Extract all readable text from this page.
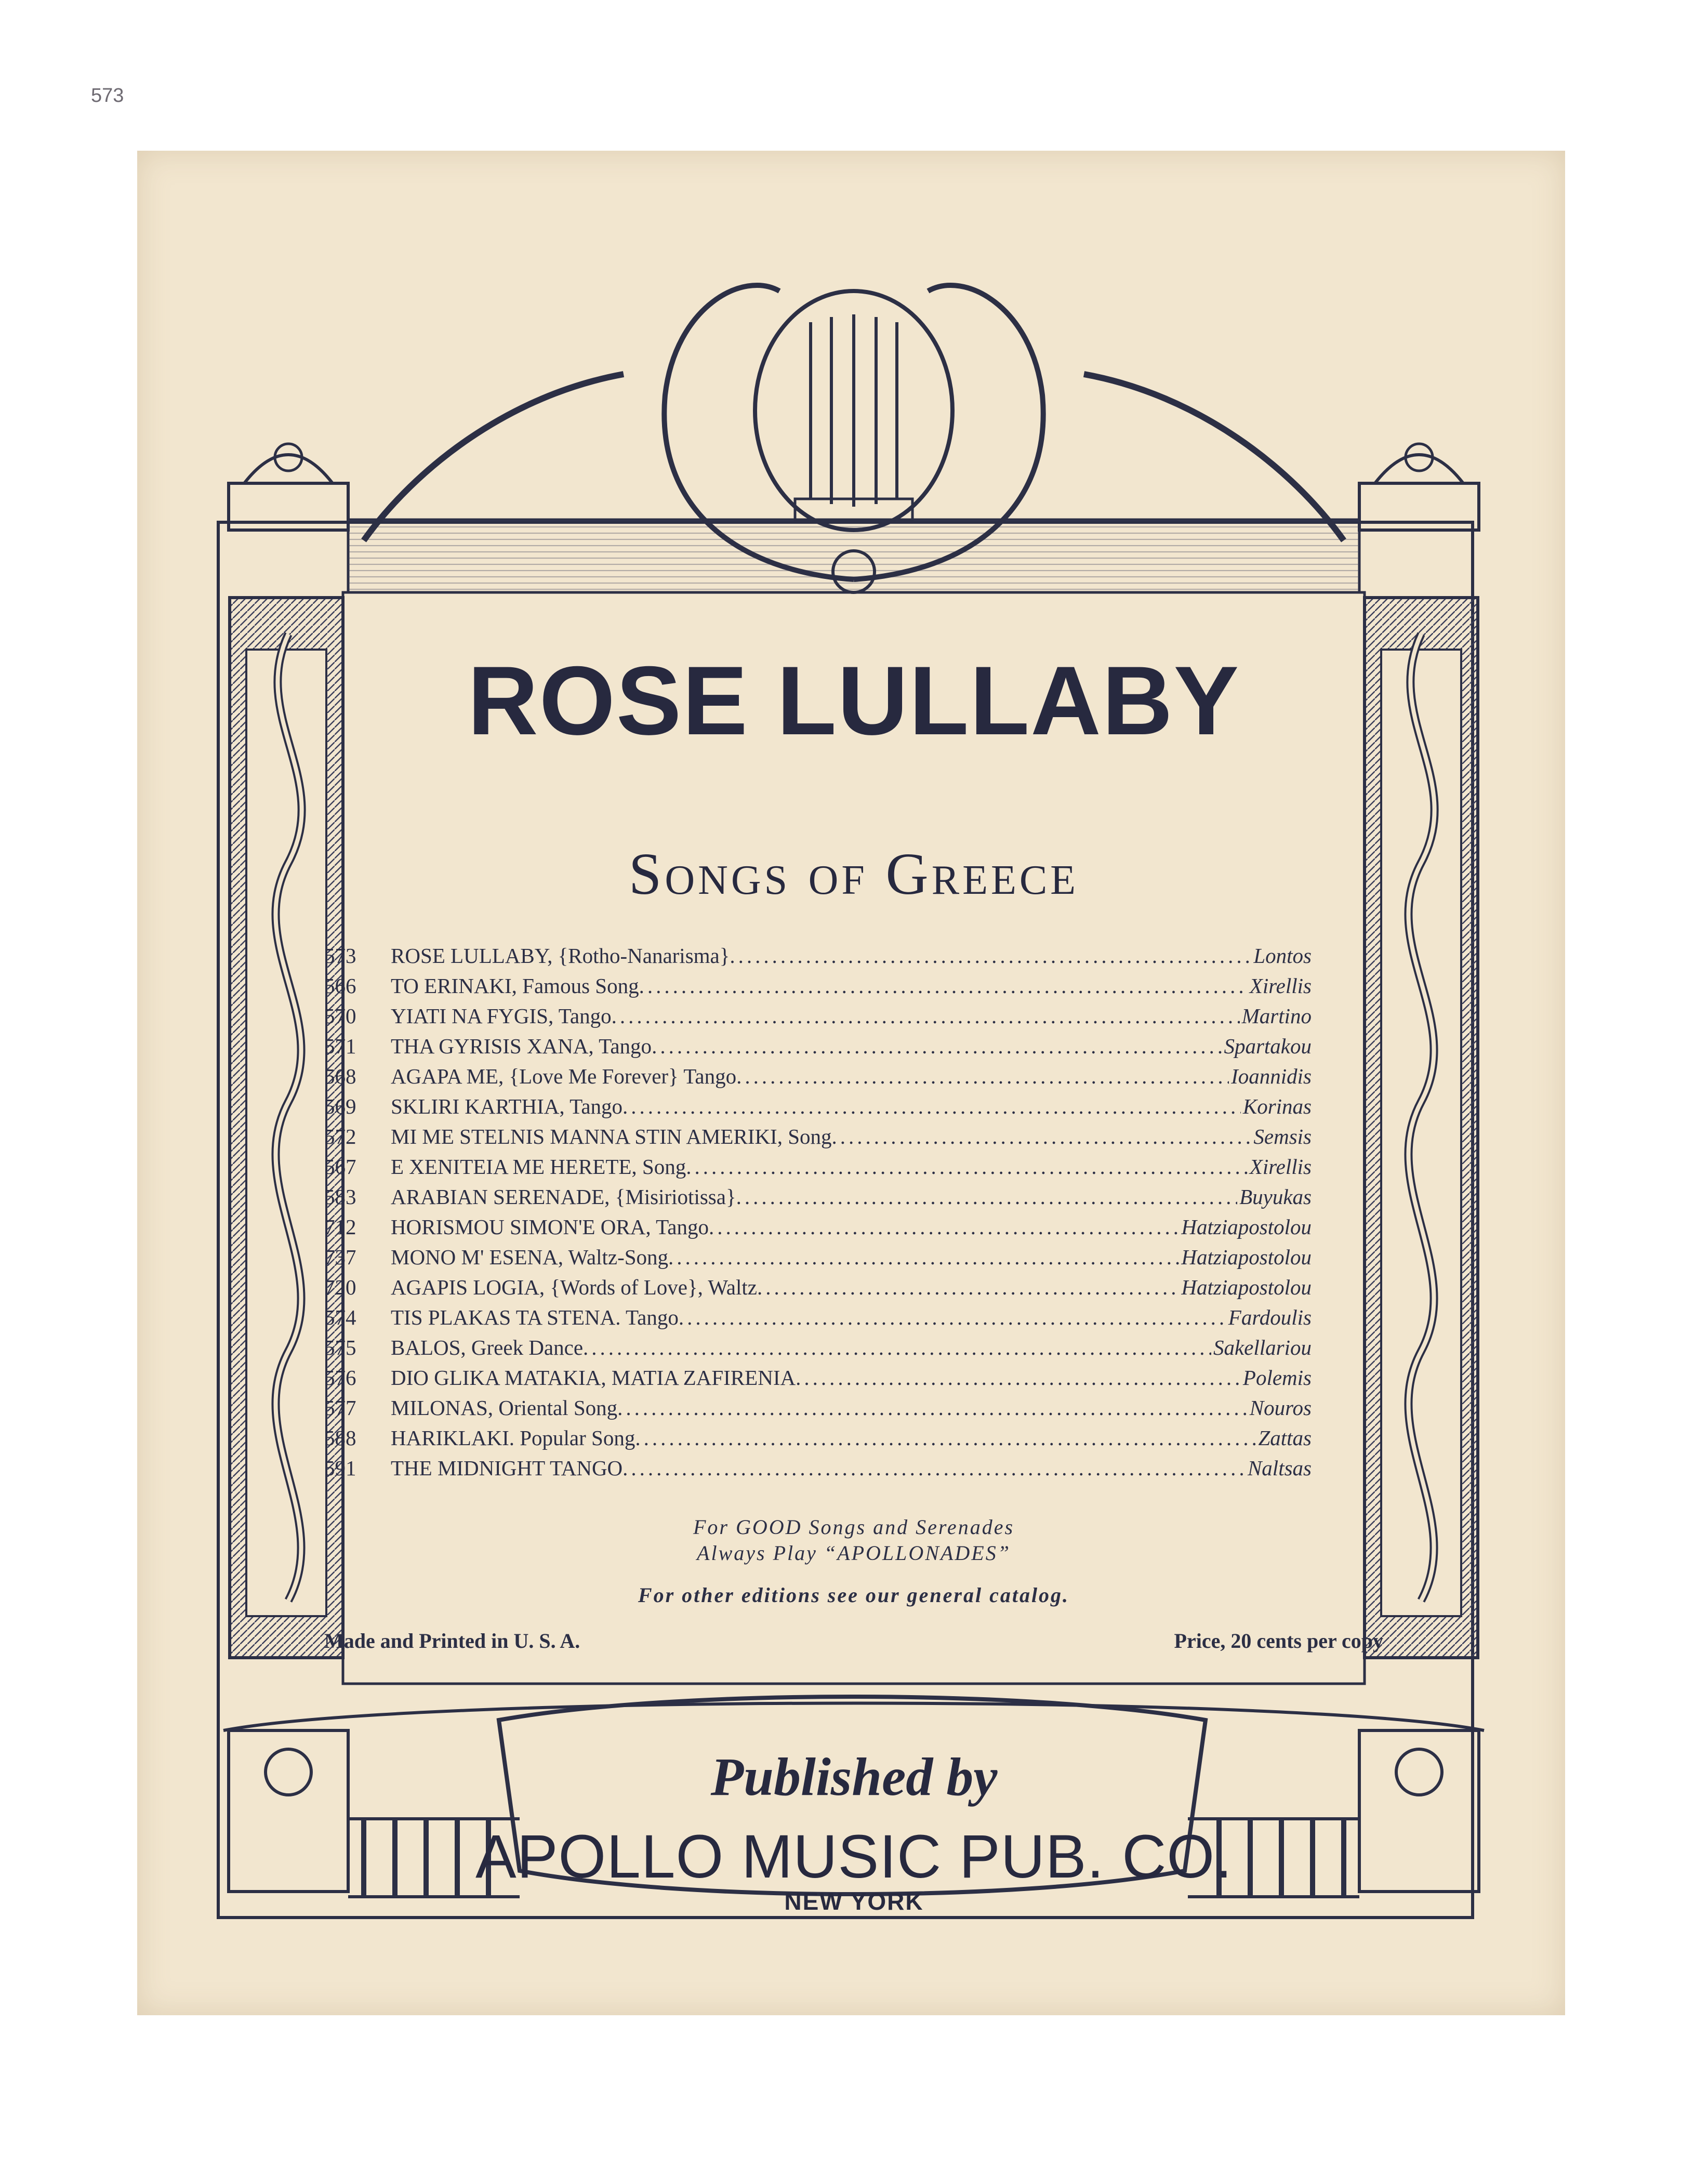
573
ROSE LULLABY
Songs of Greece
573	ROSE LULLABY, {Rotho-Nanarisma} .....	Lontos
566	TO ERINAKI, Famous Song .....	Xirellis
570	YIATI NA FYGIS, Tango .....	Martino
571	THA GYRISIS XANA, Tango .....	Spartakou
568	AGAPA ME, {Love Me Forever} Tango .....	Ioannidis
569	SKLIRI KARTHIA, Tango .....	Korinas
572	MI ME STELNIS MANNA STIN AMERIKI, Song .....	Semsis
567	E XENITEIA ME HERETE, Song .....	Xirellis
583	ARABIAN SERENADE, {Misiriotissa} .....	Buyukas
712	HORISMOU SIMON'E ORA, Tango .....	Hatziapostolou
737	MONO M' ESENA, Waltz-Song .....	Hatziapostolou
720	AGAPIS LOGIA, {Words of Love}, Waltz .....	Hatziapostolou
574	TIS PLAKAS TA STENA. Tango .....	Fardoulis
575	BALOS, Greek Dance .....	Sakellariou
576	DIO GLIKA MATAKIA, MATIA ZAFIRENIA .....	Polemis
577	MILONAS, Oriental Song .....	Nouros
588	HARIKLAKI. Popular Song .....	Zattas
591	THE MIDNIGHT TANGO .....	Naltsas
For GOOD Songs and Serenades
Always Play “APOLLONADES”
For other editions see our general catalog.
Made and Printed in U. S. A.	Price, 20 cents per copy
Published by
APOLLO MUSIC PUB. CO.
NEW YORK
